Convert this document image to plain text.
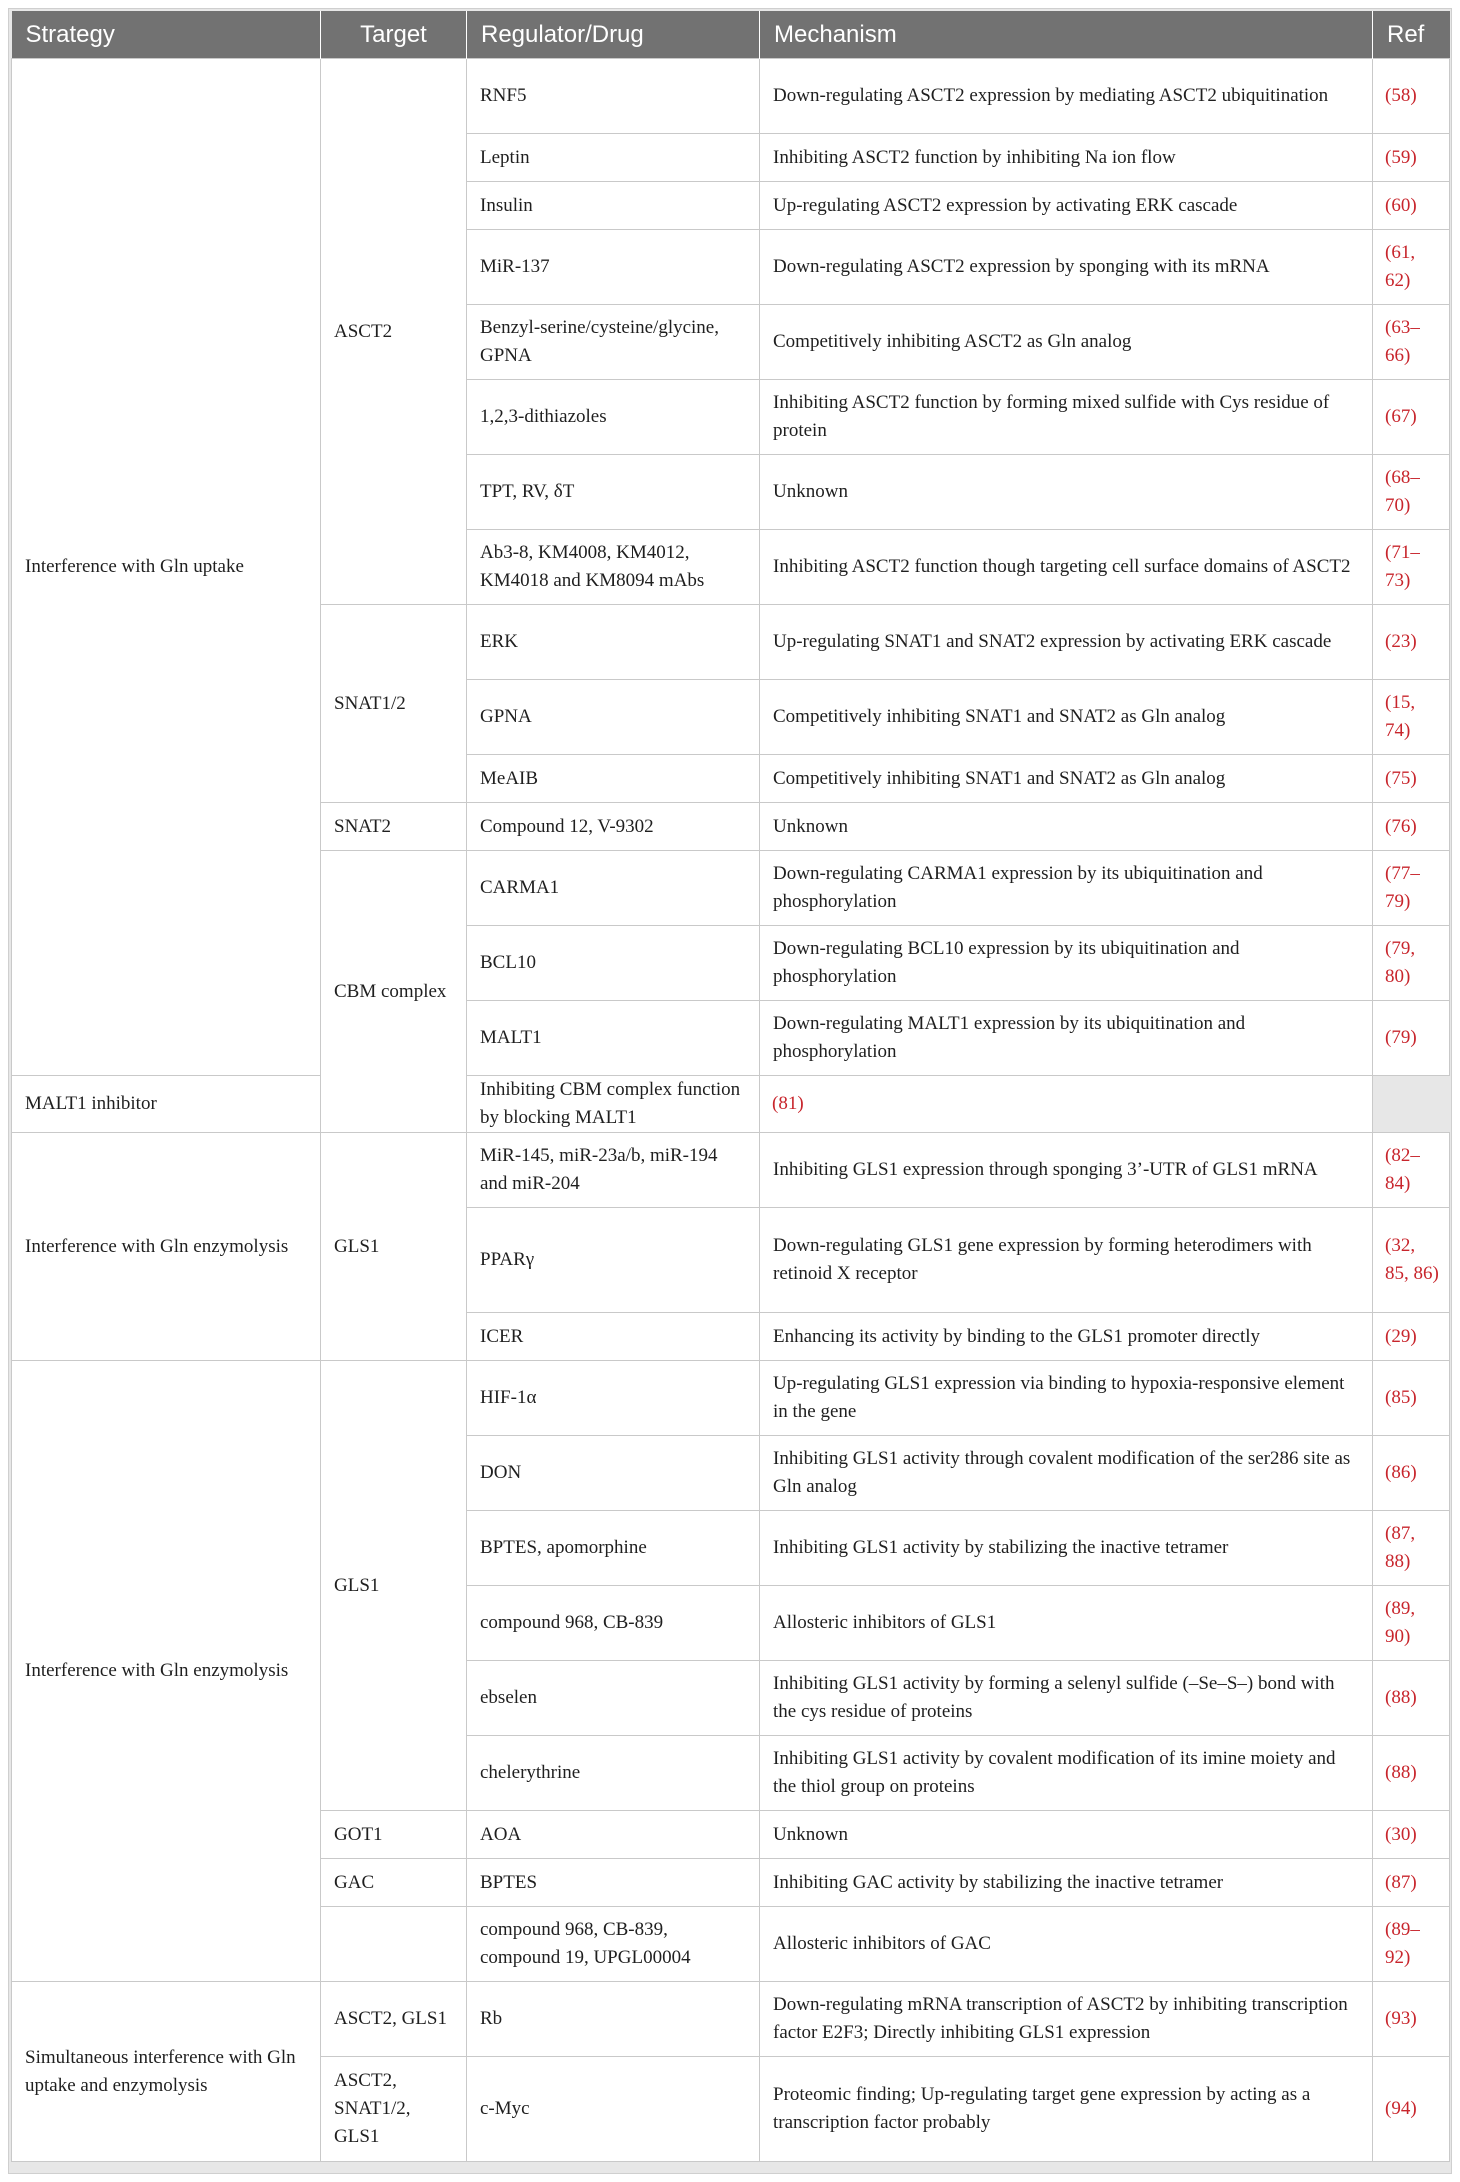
Strategy	Target	Regulator/Drug	Mechanism	Ref
Interference with Gln uptake	ASCT2	RNF5	Down-regulating ASCT2 expression by mediating ASCT2 ubiquitination	(58)
		Leptin	Inhibiting ASCT2 function by inhibiting Na ion flow	(59)
		Insulin	Up-regulating ASCT2 expression by activating ERK cascade	(60)
		MiR-137	Down-regulating ASCT2 expression by sponging with its mRNA	(61, 62)
		Benzyl-serine/cysteine/glycine, GPNA	Competitively inhibiting ASCT2 as Gln analog	(63–66)
		1,2,3-dithiazoles	Inhibiting ASCT2 function by forming mixed sulfide with Cys residue of protein	(67)
		TPT, RV, δT	Unknown	(68–70)
		Ab3-8, KM4008, KM4012, KM4018 and KM8094 mAbs	Inhibiting ASCT2 function though targeting cell surface domains of ASCT2	(71–73)
	SNAT1/2	ERK	Up-regulating SNAT1 and SNAT2 expression by activating ERK cascade	(23)
		GPNA	Competitively inhibiting SNAT1 and SNAT2 as Gln analog	(15, 74)
		MeAIB	Competitively inhibiting SNAT1 and SNAT2 as Gln analog	(75)
	SNAT2	Compound 12, V-9302	Unknown	(76)
	CBM complex	CARMA1	Down-regulating CARMA1 expression by its ubiquitination and phosphorylation	(77–79)
		BCL10	Down-regulating BCL10 expression by its ubiquitination and phosphorylation	(79, 80)
		MALT1	Down-regulating MALT1 expression by its ubiquitination and phosphorylation	(79)
MALT1 inhibitor		Inhibiting CBM complex function by blocking MALT1	(81)	
Interference with Gln enzymolysis	GLS1	MiR-145, miR-23a/b, miR-194 and miR-204	Inhibiting GLS1 expression through sponging 3’-UTR of GLS1 mRNA	(82–84)
		PPARγ	Down-regulating GLS1 gene expression by forming heterodimers with retinoid X receptor	(32, 85, 86)
		ICER	Enhancing its activity by binding to the GLS1 promoter directly	(29)
Interference with Gln enzymolysis	GLS1	HIF-1α	Up-regulating GLS1 expression via binding to hypoxia-responsive element in the gene	(85)
		DON	Inhibiting GLS1 activity through covalent modification of the ser286 site as Gln analog	(86)
		BPTES, apomorphine	Inhibiting GLS1 activity by stabilizing the inactive tetramer	(87, 88)
		compound 968, CB-839	Allosteric inhibitors of GLS1	(89, 90)
		ebselen	Inhibiting GLS1 activity by forming a selenyl sulfide (–Se–S–) bond with the cys residue of proteins	(88)
		chelerythrine	Inhibiting GLS1 activity by covalent modification of its imine moiety and the thiol group on proteins	(88)
	GOT1	AOA	Unknown	(30)
	GAC	BPTES	Inhibiting GAC activity by stabilizing the inactive tetramer	(87)
		compound 968, CB-839, compound 19, UPGL00004	Allosteric inhibitors of GAC	(89–92)
Simultaneous interference with Gln uptake and enzymolysis	ASCT2, GLS1	Rb	Down-regulating mRNA transcription of ASCT2 by inhibiting transcription factor E2F3; Directly inhibiting GLS1 expression	(93)
	ASCT2, SNAT1/2, GLS1	c-Myc	Proteomic finding; Up-regulating target gene expression by acting as a transcription factor probably	(94)
